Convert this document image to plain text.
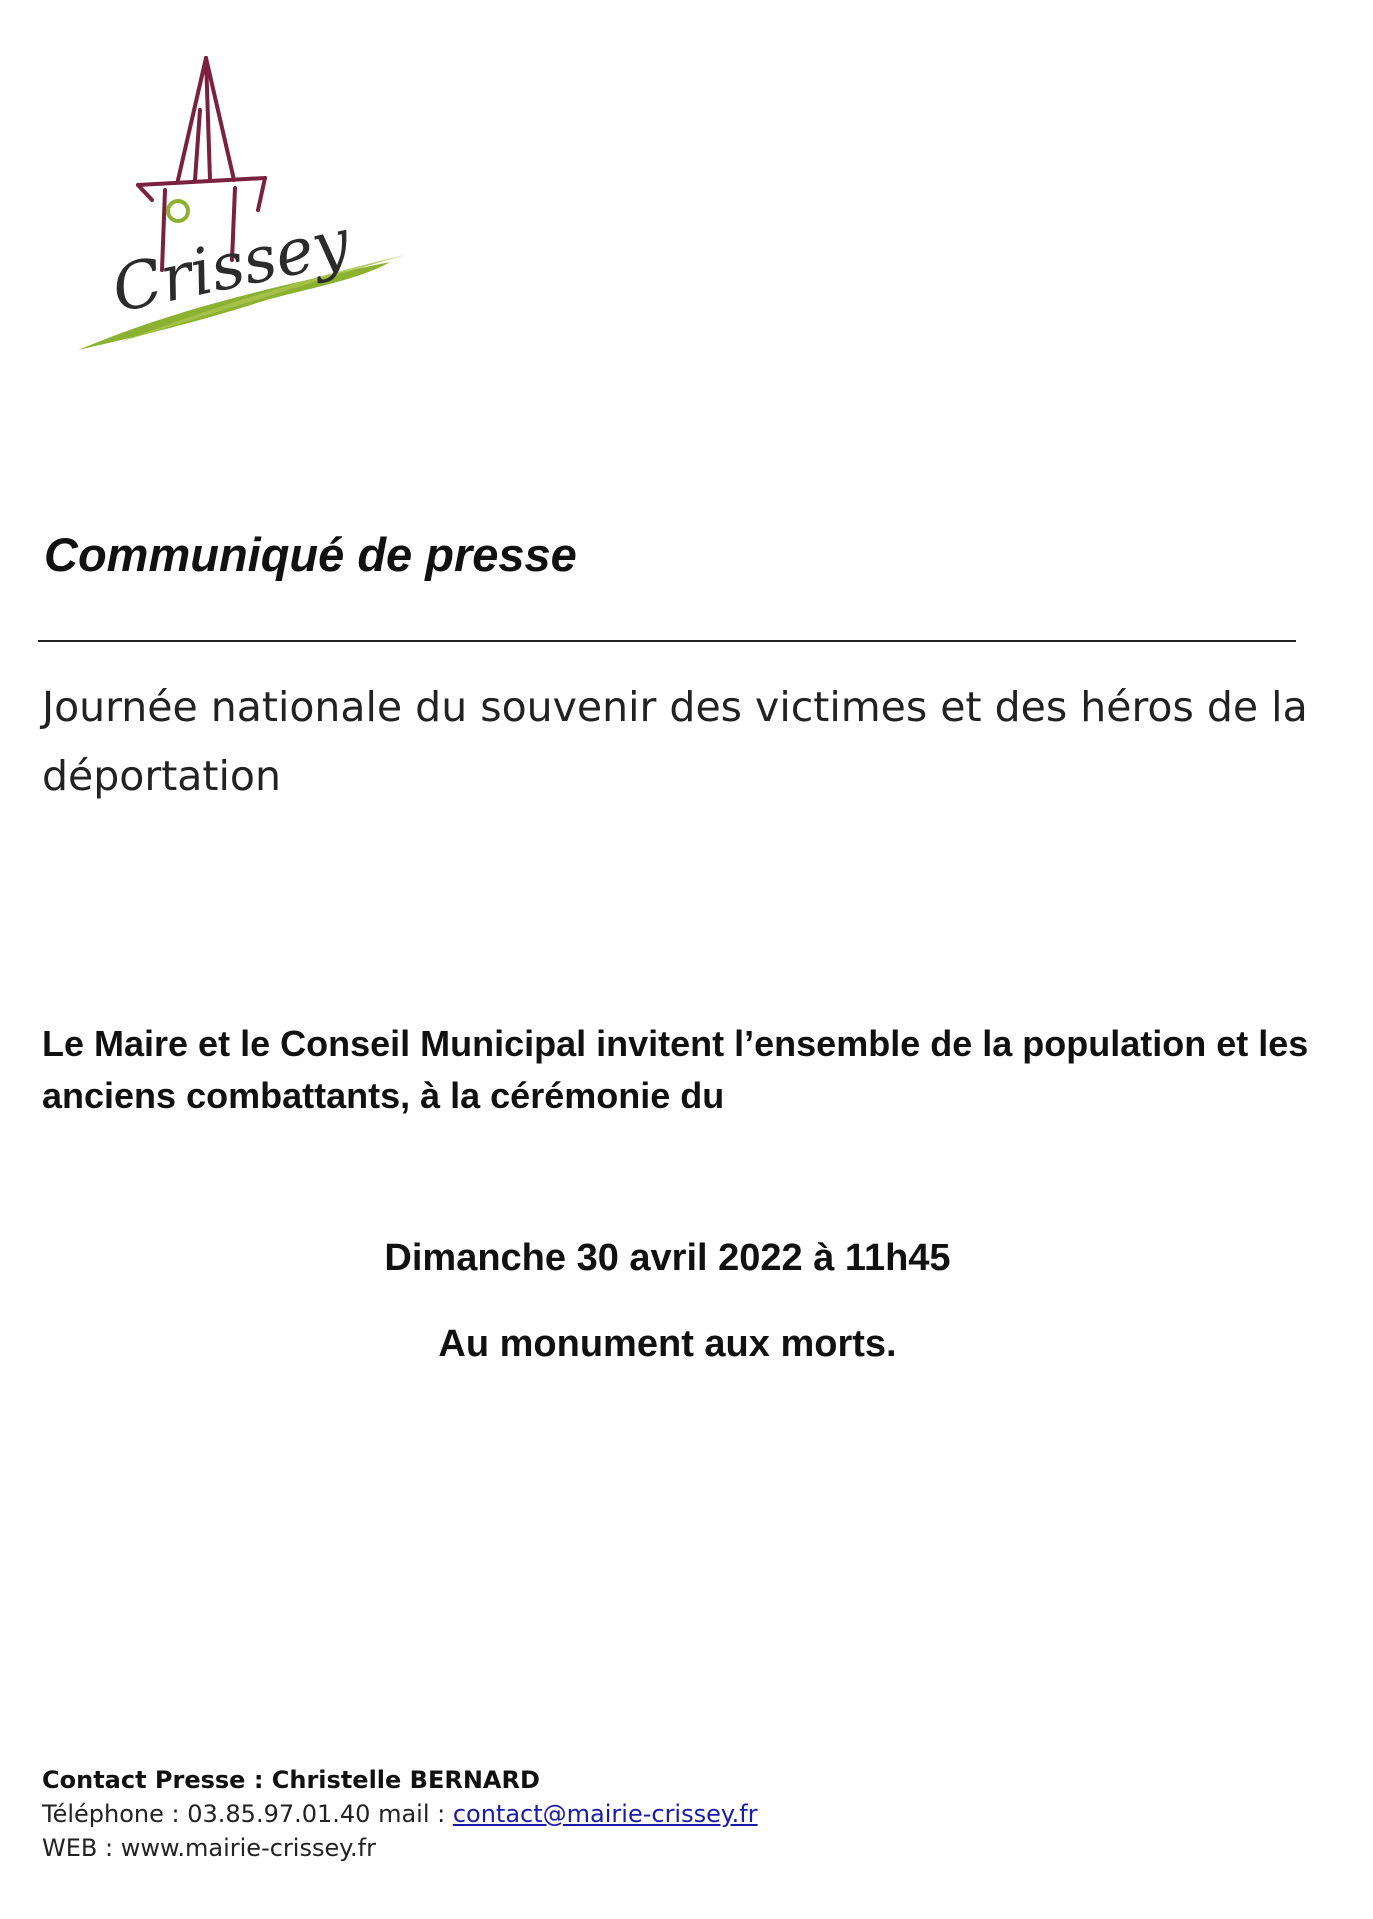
Crissey
Communiqué de presse

Journée nationale du souvenir des victimes et des héros de la déportation

Le Maire et le Conseil Municipal invitent l’ensemble de la population et les anciens combattants, à la cérémonie du

Dimanche 30 avril 2022 à 11h45

Au monument aux morts.

Contact Presse : Christelle BERNARD
Téléphone : 03.85.97.01.40 mail : contact@mairie-crissey.fr
WEB : www.mairie-crissey.fr
